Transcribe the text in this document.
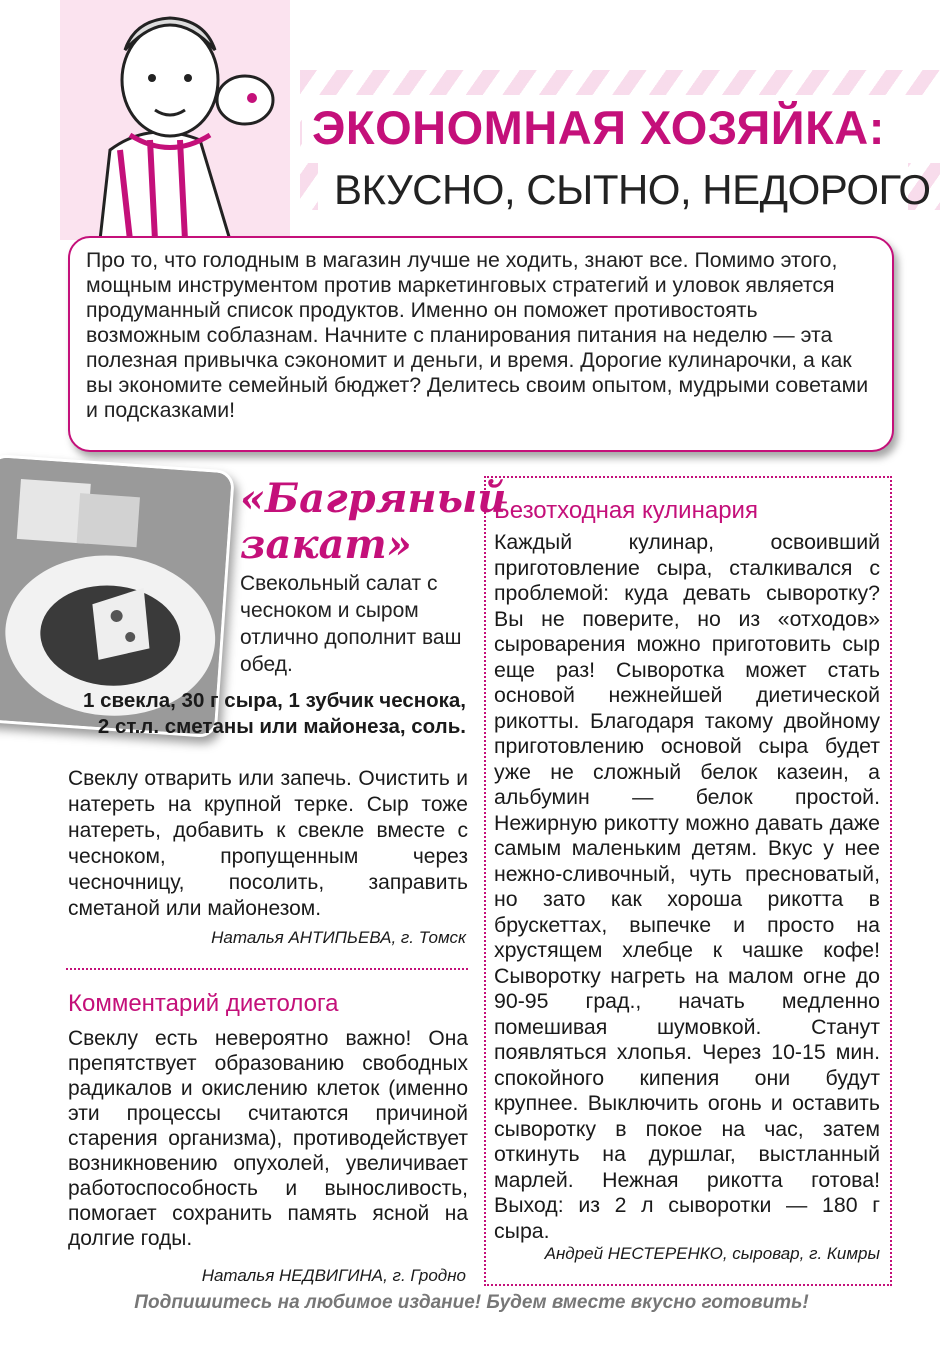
ЭКОНОМНАЯ ХОЗЯЙКА:
ВКУСНО, СЫТНО, НЕДОРОГО

Про то, что голодным в магазин лучше не ходить, знают все. Помимо этого, мощным инструментом против маркетинговых стратегий и уловок является продуманный список продуктов. Именно он поможет противостоять возможным соблазнам. Начните с планирования питания на неделю — эта полезная привычка сэкономит и деньги, и время. Дорогие кулинарочки, а как вы экономите семейный бюджет? Делитесь своим опытом, мудрыми советами и подсказками!

«Багряный закат»
Свекольный салат с чесноком и сыром отлично дополнит ваш обед.
1 свекла, 30 г сыра, 1 зубчик чеснока, 2 ст.л. сметаны или майонеза, соль.
Свеклу отварить или запечь. Очистить и натереть на крупной терке. Сыр тоже натереть, добавить к свекле вместе с чесноком, пропущенным через чесночницу, посолить, заправить сметаной или майонезом.
Наталья АНТИПЬЕВА, г. Томск
Комментарий диетолога
Свеклу есть невероятно важно! Она препятствует образованию свободных радикалов и окислению клеток (именно эти процессы считаются причиной старения организма), противодействует возникновению опухолей, увеличивает работоспособность и выносливость, помогает сохранить память ясной на долгие годы.
Наталья НЕДВИГИНА, г. Гродно
Безотходная кулинария
Каждый кулинар, освоивший приготовление сыра, сталкивался с проблемой: куда девать сыворотку? Вы не поверите, но из «отходов» сыроварения можно приготовить сыр еще раз! Сыворотка может стать основой нежнейшей диетической рикотты. Благодаря такому двойному приготовлению основой сыра будет уже не сложный белок казеин, а альбумин — белок простой. Нежирную рикотту можно давать даже самым маленьким детям. Вкус у нее нежно-сливочный, чуть пресноватый, но зато как хороша рикотта в брускеттах, выпечке и просто на хрустящем хлебце к чашке кофе! Сыворотку нагреть на малом огне до 90-95 град., начать медленно помешивая шумовкой. Станут появляться хлопья. Через 10-15 мин. спокойного кипения они будут крупнее. Выключить огонь и оставить сыворотку в покое на час, затем откинуть на дуршлаг, выстланный марлей. Нежная рикотта готова! Выход: из 2 л сыворотки — 180 г сыра.
Андрей НЕСТЕРЕНКО, сыровар, г. Кимры
Подпишитесь на любимое издание! Будем вместе вкусно готовить!
